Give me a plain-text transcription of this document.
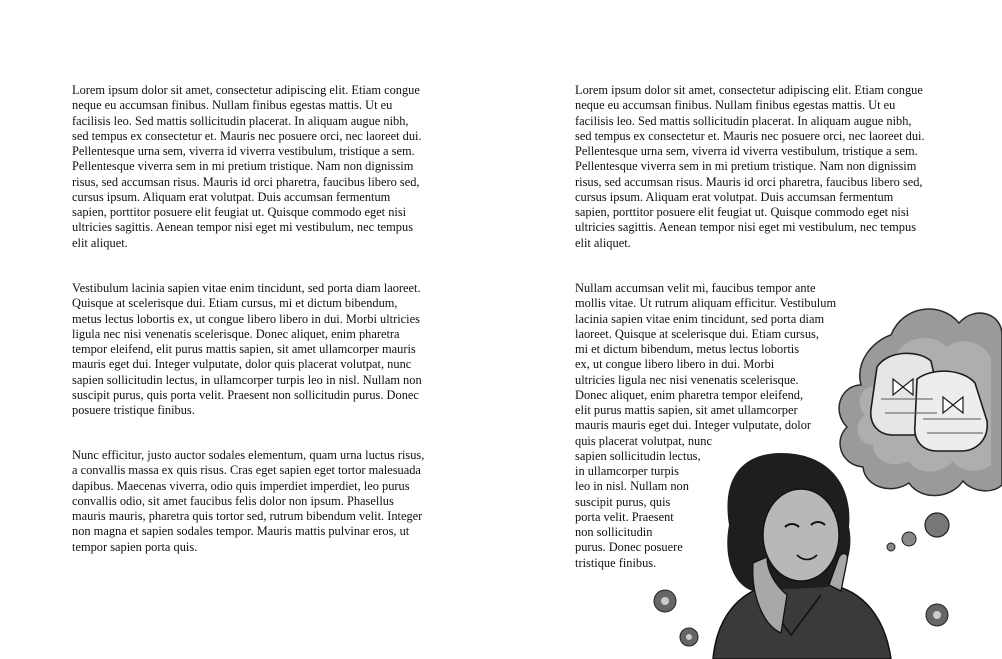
Lorem ipsum dolor sit amet, consectetur adipiscing elit. Etiam congue neque eu accumsan finibus. Nullam finibus egestas mattis. Ut eu facilisis leo. Sed mattis sollicitudin placerat. In aliquam augue nibh, sed tempus ex consectetur et. Mauris nec posuere orci, nec laoreet dui. Pellentesque urna sem, viverra id viverra vestibulum, tristique a sem. Pellentesque viverra sem in mi pretium tristique. Nam non dignissim risus, sed accumsan risus. Mauris id orci pharetra, faucibus libero sed, cursus ipsum. Aliquam erat volutpat. Duis accumsan fermentum sapien, porttitor posuere elit feugiat ut. Quisque commodo eget nisi ultricies sagittis. Aenean tempor nisi eget mi vestibulum, nec tempus elit aliquet.

Vestibulum lacinia sapien vitae enim tincidunt, sed porta diam laoreet. Quisque at scelerisque dui. Etiam cursus, mi et dictum bibendum, metus lectus lobortis ex, ut congue libero libero in dui. Morbi ultricies ligula nec nisi venenatis scelerisque. Donec aliquet, enim pharetra tempor eleifend, elit purus mattis sapien, sit amet ullamcorper mauris mauris eget dui. Integer vulputate, dolor quis placerat volutpat, nunc sapien sollicitudin lectus, in ullamcorper turpis leo in nisl. Nullam non suscipit purus, quis porta velit. Praesent non sollicitudin purus. Donec posuere tristique finibus.

Nunc efficitur, justo auctor sodales elementum, quam urna luctus risus, a convallis massa ex quis risus. Cras eget sapien eget tortor malesuada dapibus. Maecenas viverra, odio quis imperdiet imperdiet, leo purus convallis odio, sit amet faucibus felis dolor non ipsum. Phasellus mauris mauris, pharetra quis tortor sed, rutrum bibendum velit. Integer non magna et sapien sodales tempor. Mauris mattis pulvinar eros, ut tempor sapien porta quis.

Lorem ipsum dolor sit amet, consectetur adipiscing elit. Etiam congue neque eu accumsan finibus. Nullam finibus egestas mattis. Ut eu facilisis leo. Sed mattis sollicitudin placerat. In aliquam augue nibh, sed tempus ex consectetur et. Mauris nec posuere orci, nec laoreet dui. Pellentesque urna sem, viverra id viverra vestibulum, tristique a sem. Pellentesque viverra sem in mi pretium tristique. Nam non dignissim risus, sed accumsan risus. Mauris id orci pharetra, faucibus libero sed, cursus ipsum. Aliquam erat volutpat. Duis accumsan fermentum sapien, porttitor posuere elit feugiat ut. Quisque commodo eget nisi ultricies sagittis. Aenean tempor nisi eget mi vestibulum, nec tempus elit aliquet.

Nullam accumsan velit mi, faucibus tempor ante
mollis vitae. Ut rutrum aliquam efficitur. Vestibulum
lacinia sapien vitae enim tincidunt, sed porta diam
laoreet. Quisque at scelerisque dui. Etiam cursus,
mi et dictum bibendum, metus lectus lobortis
ex, ut congue libero libero in dui. Morbi
ultricies ligula nec nisi venenatis scelerisque.
Donec aliquet, enim pharetra tempor eleifend,
elit purus mattis sapien, sit amet ullamcorper
mauris mauris eget dui. Integer vulputate, dolor
quis placerat volutpat, nunc
sapien sollicitudin lectus,
in ullamcorper turpis
leo in nisl. Nullam non
suscipit purus, quis
porta velit. Praesent
non sollicitudin
purus. Donec posuere
tristique finibus.
